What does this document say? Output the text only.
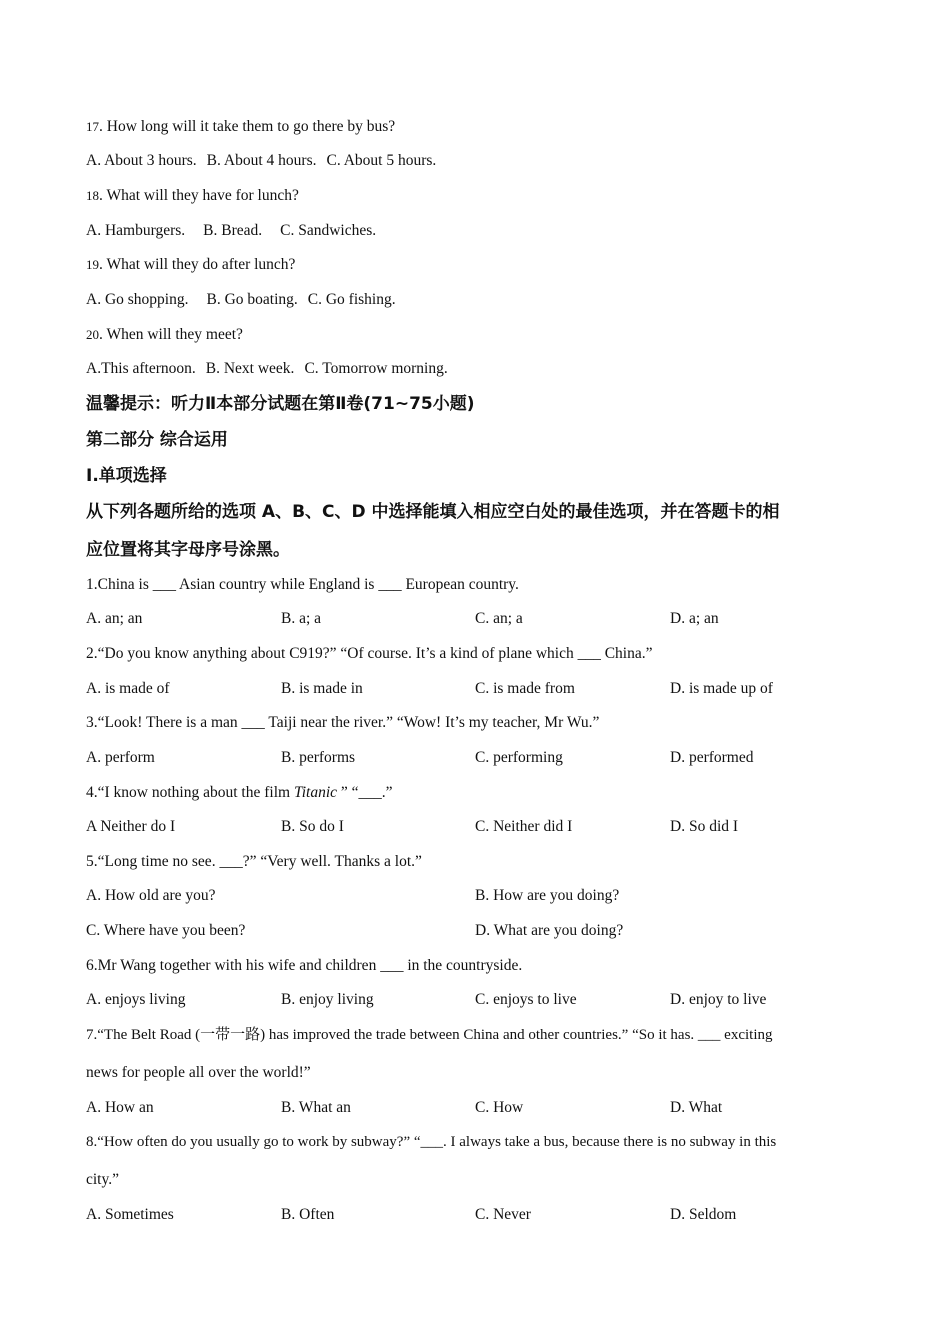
17. How long will it take them to go there by bus?
A. About 3 hours. B. About 4 hours. C. About 5 hours.
18. What will they have for lunch?
A. Hamburgers. B. Bread. C. Sandwiches.
19. What will they do after lunch?
A. Go shopping. B. Go boating. C. Go fishing.
20. When will they meet?
A.This afternoon. B. Next week. C. Tomorrow morning.
温馨提示：听力Ⅱ本部分试题在第Ⅱ卷(71~75小题)
第二部分 综合运用
Ⅰ.单项选择
从下列各题所给的选项 A、B、C、D 中选择能填入相应空白处的最佳选项，并在答题卡的相
应位置将其字母序号涂黑。
1.China is ___ Asian country while England is ___ European country.
A. an; an	B. a; a	C. an; a	D. a; an
2.“Do you know anything about C919?” “Of course. It’s a kind of plane which ___ China.”
A. is made of	B. is made in	C. is made from	D. is made up of
3.“Look! There is a man ___ Taiji near the river.” “Wow! It’s my teacher, Mr Wu.”
A. perform	B. performs	C. performing	D. performed
4.“I know nothing about the film Titanic ” “___.”
A Neither do I	B. So do I	C. Neither did I	D. So did I
5.“Long time no see. ___?” “Very well. Thanks a lot.”
A. How old are you?	B. How are you doing?
C. Where have you been?	D. What are you doing?
6.Mr Wang together with his wife and children ___ in the countryside.
A. enjoys living	B. enjoy living	C. enjoys to live	D. enjoy to live
7.“The Belt Road (一带一路) has improved the trade between China and other countries.” “So it has. ___ exciting
news for people all over the world!”
A. How an	B. What an	C. How	D. What
8.“How often do you usually go to work by subway?” “___. I always take a bus, because there is no subway in this
city.”
A. Sometimes	B. Often	C. Never	D. Seldom
